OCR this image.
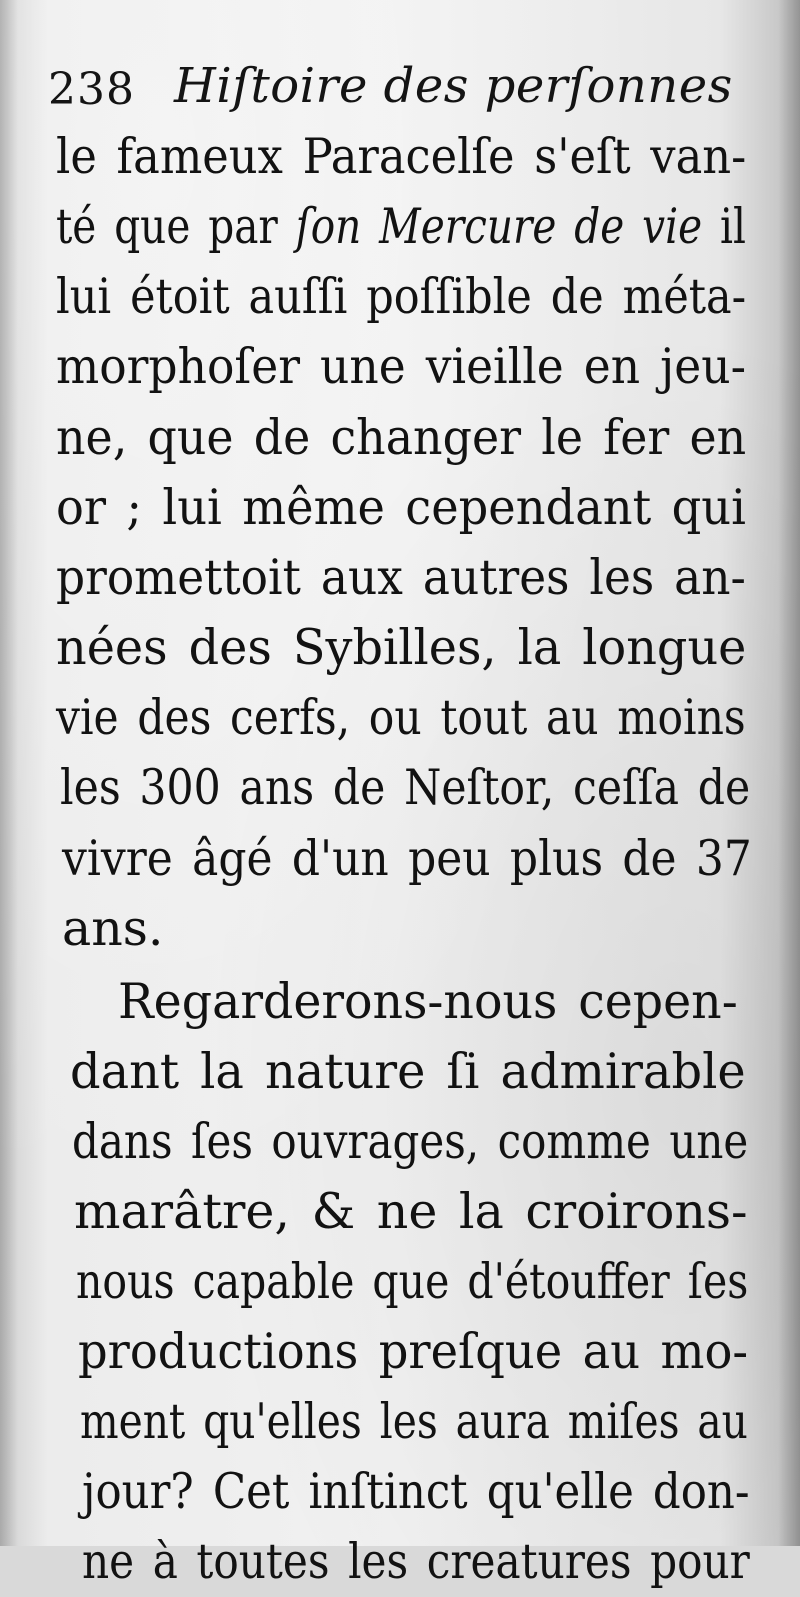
238 Hiſtoire des perſonnes
le fameux Paracelſe s'eſt van-
té que par ſon Mercure de vie il
lui étoit auſſi poſſible de méta-
morphoſer une vieille en jeu-
ne, que de changer le fer en
or ; lui même cependant qui
promettoit aux autres les an-
nées des Sybilles, la longue
vie des cerfs, ou tout au moins
les 300 ans de Neſtor, ceſſa de
vivre âgé d'un peu plus de 37
ans.
Regarderons-nous cepen-
dant la nature ſi admirable
dans ſes ouvrages, comme une
marâtre, & ne la croirons-
nous capable que d'étouffer ſes
productions preſque au mo-
ment qu'elles les aura miſes au
jour? Cet inſtinct qu'elle don-
ne à toutes les creatures pour
